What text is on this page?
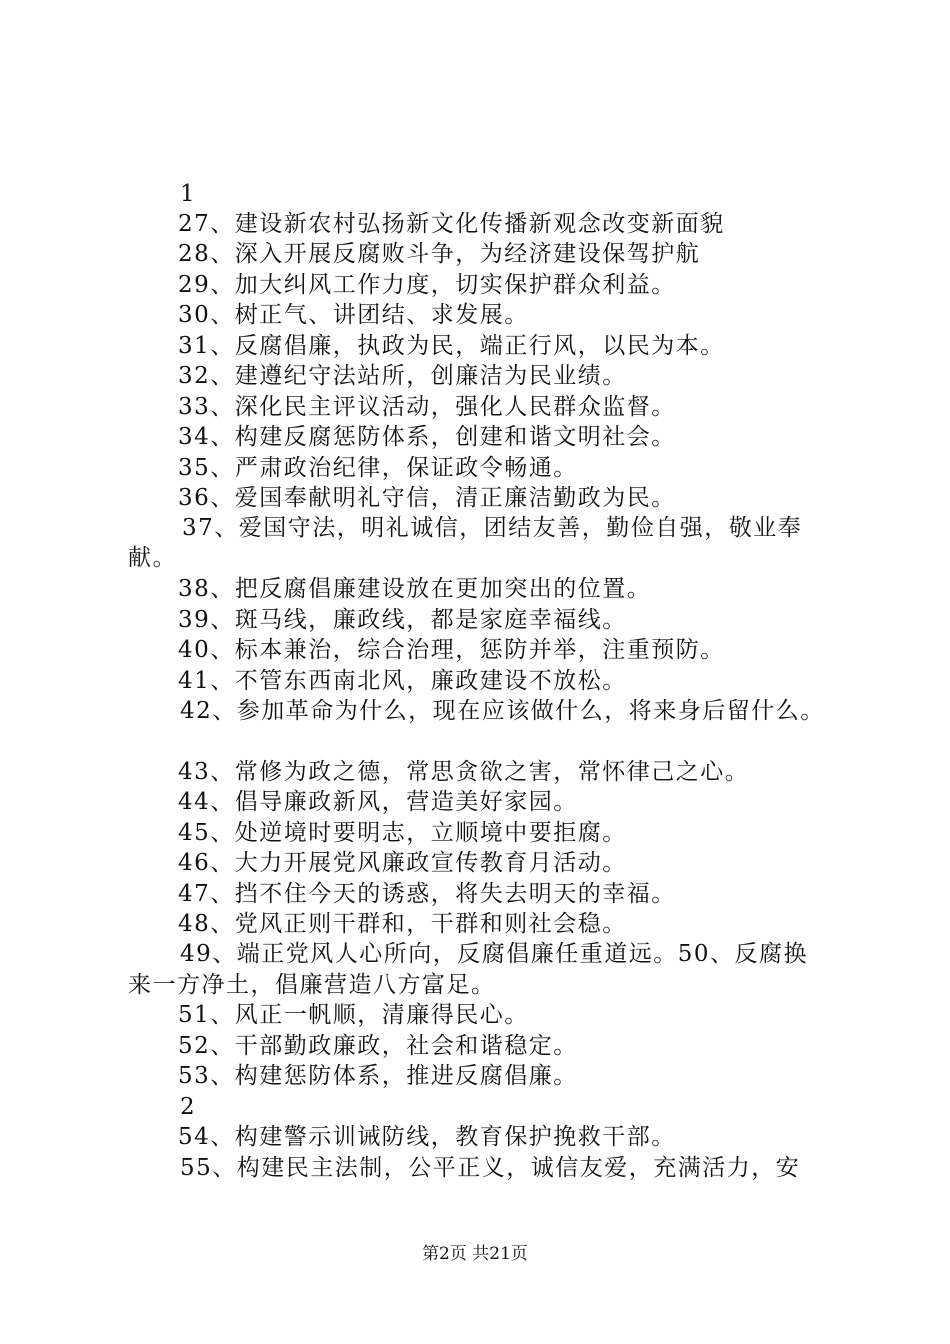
1
27、建设新农村弘扬新文化传播新观念改变新面貌
28、深入开展反腐败斗争，为经济建设保驾护航
29、加大纠风工作力度，切实保护群众利益。
30、树正气、讲团结、求发展。
31、反腐倡廉，执政为民，端正行风，以民为本。
32、建遵纪守法站所，创廉洁为民业绩。
33、深化民主评议活动，强化人民群众监督。
34、构建反腐惩防体系，创建和谐文明社会。
35、严肃政治纪律，保证政令畅通。
36、爱国奉献明礼守信，清正廉洁勤政为民。
37、爱国守法，明礼诚信，团结友善，勤俭自强，敬业奉
献。
38、把反腐倡廉建设放在更加突出的位置。
39、斑马线，廉政线，都是家庭幸福线。
40、标本兼治，综合治理，惩防并举，注重预防。
41、不管东西南北风，廉政建设不放松。
42、参加革命为什么，现在应该做什么，将来身后留什么。
43、常修为政之德，常思贪欲之害，常怀律己之心。
44、倡导廉政新风，营造美好家园。
45、处逆境时要明志，立顺境中要拒腐。
46、大力开展党风廉政宣传教育月活动。
47、挡不住今天的诱惑，将失去明天的幸福。
48、党风正则干群和，干群和则社会稳。
49、端正党风人心所向，反腐倡廉任重道远。50、反腐换
来一方净土，倡廉营造八方富足。
51、风正一帆顺，清廉得民心。
52、干部勤政廉政，社会和谐稳定。
53、构建惩防体系，推进反腐倡廉。
2
54、构建警示训诫防线，教育保护挽救干部。
55、构建民主法制，公平正义，诚信友爱，充满活力，安
第2页 共21页
